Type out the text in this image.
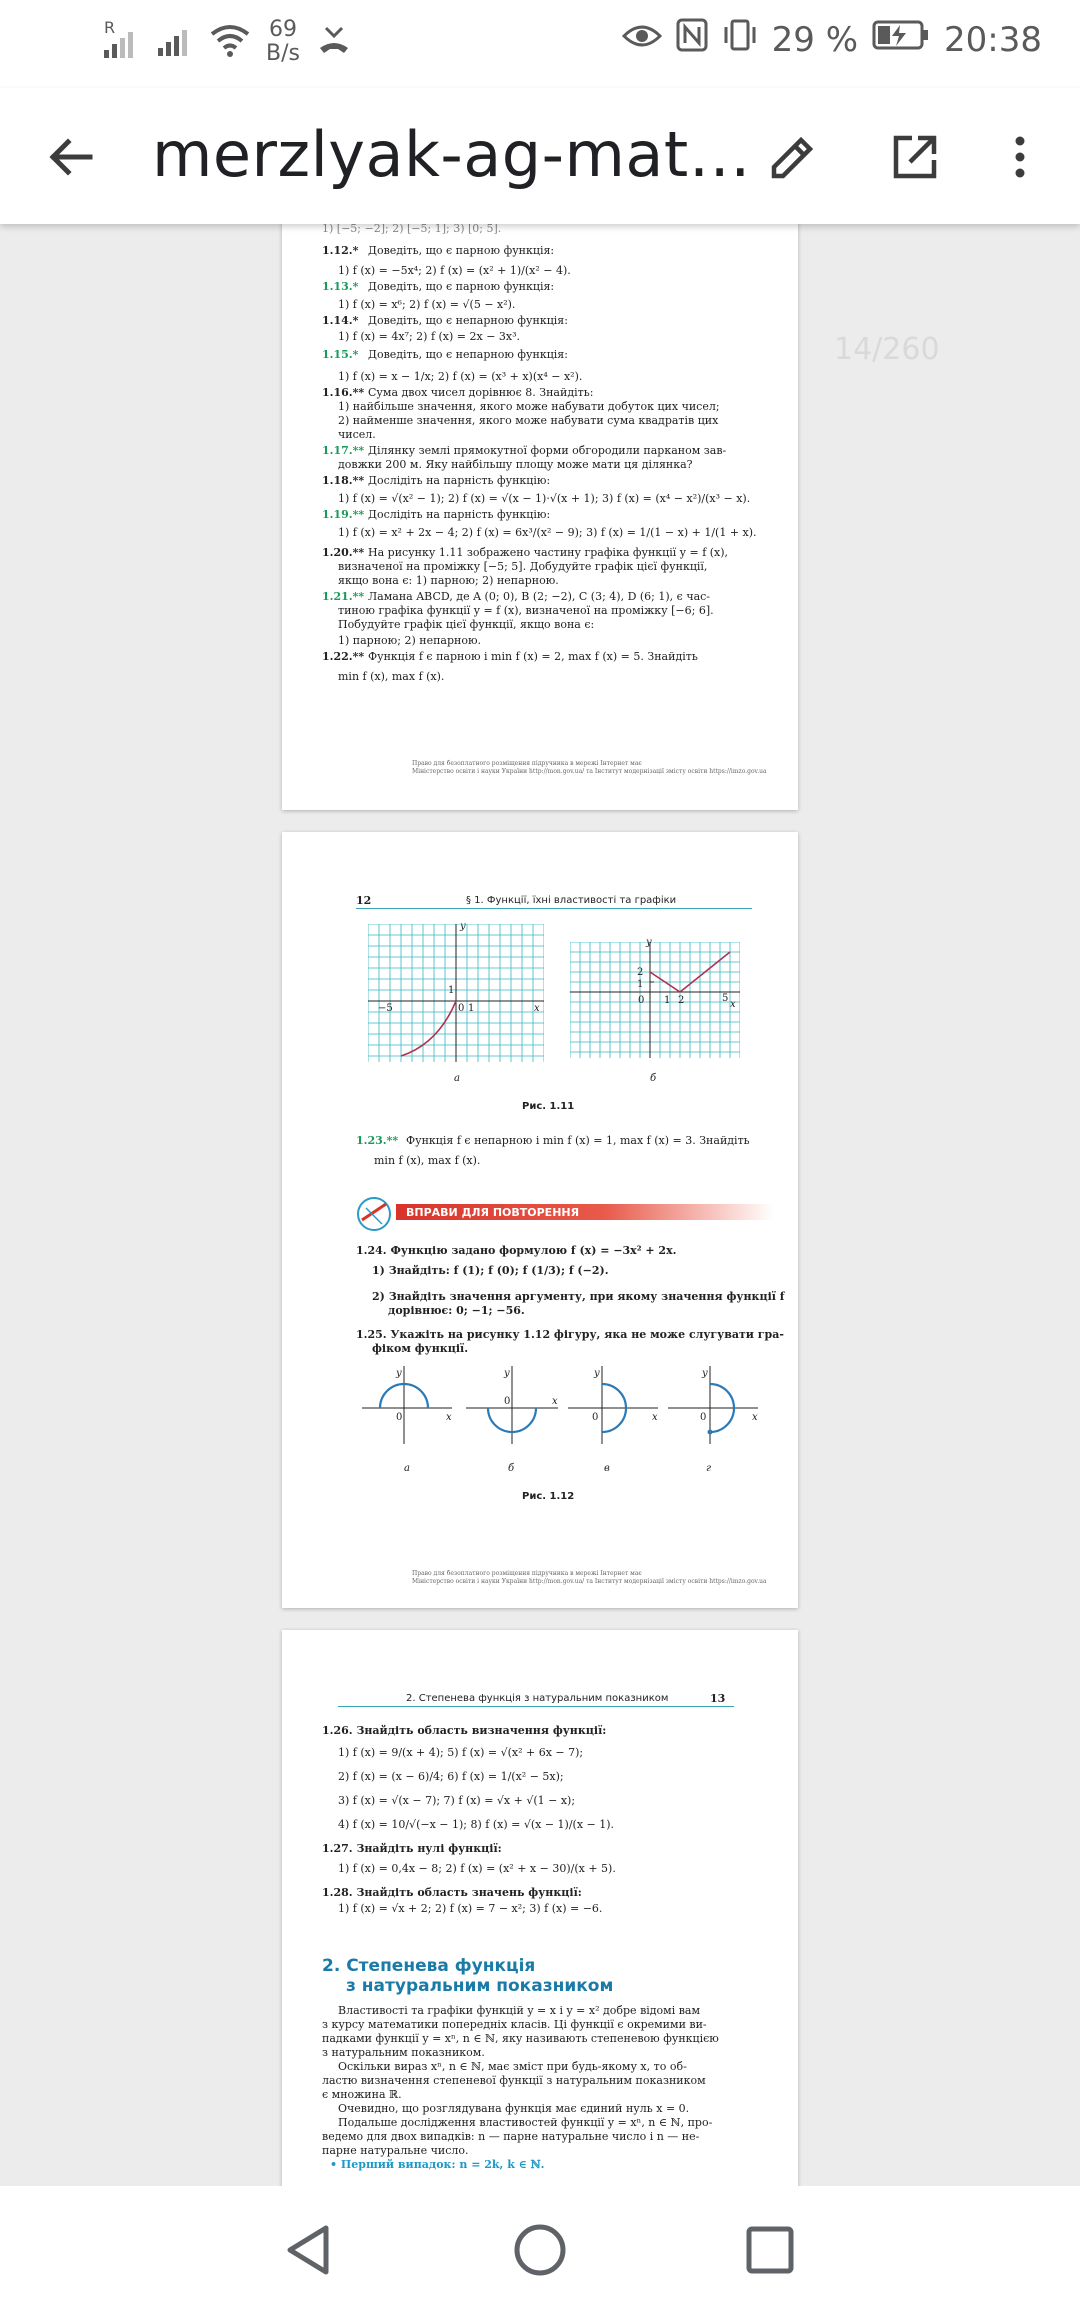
R	69
B/s	29 %	20:38
merzlyak-ag-mat…
14/260
1) [−5; −2]; 2) [−5; 1]; 3) [0; 5].
1.12.* Доведіть, що є парною функція:
1) f (x) = −5x⁴; 2) f (x) = (x² + 1)/(x² − 4).
1.13.* Доведіть, що є парною функція:
1) f (x) = x⁶; 2) f (x) = √(5 − x²).
1.14.* Доведіть, що є непарною функція:
1) f (x) = 4x⁷; 2) f (x) = 2x − 3x³.
1.15.* Доведіть, що є непарною функція:
1) f (x) = x − 1/x; 2) f (x) = (x³ + x)(x⁴ − x²).
1.16.** Сума двох чисел дорівнює 8. Знайдіть:
1) найбільше значення, якого може набувати добуток цих чисел;
2) найменше значення, якого може набувати сума квадратів цих
чисел.
1.17.** Ділянку землі прямокутної форми обгородили парканом зав-
довжки 200 м. Яку найбільшу площу може мати ця ділянка?
1.18.** Дослідіть на парність функцію:
1) f (x) = √(x² − 1); 2) f (x) = √(x − 1)·√(x + 1); 3) f (x) = (x⁴ − x²)/(x³ − x).
1.19.** Дослідіть на парність функцію:
1) f (x) = x² + 2x − 4; 2) f (x) = 6x³/(x² − 9); 3) f (x) = 1/(1 − x) + 1/(1 + x).
1.20.** На рисунку 1.11 зображено частину графіка функції y = f (x),
визначеної на проміжку [−5; 5]. Добудуйте графік цієї функції,
якщо вона є: 1) парною; 2) непарною.
1.21.** Ламана ABCD, де A (0; 0), B (2; −2), C (3; 4), D (6; 1), є час-
тиною графіка функції y = f (x), визначеної на проміжку [−6; 6].
Побудуйте графік цієї функції, якщо вона є:
1) парною; 2) непарною.
1.22.** Функція f є парною і min f (x) = 2, max f (x) = 5. Знайдіть
min f (x), max f (x).
Право для безоплатного розміщення підручника в мережі Інтернет має
Міністерство освіти і науки України http://mon.gov.ua/ та Інститут модернізації змісту освіти https://imzo.gov.ua
12	§ 1. Функції, їхні властивості та графіки
y
x
1
0 1
−5
а
y
2
1
0 1 2	5
x
б
Рис. 1.11
1.23.** Функція f є непарною і min f (x) = 1, max f (x) = 3. Знайдіть
min f (x), max f (x).
ВПРАВИ ДЛЯ ПОВТОРЕННЯ
1.24. Функцію задано формулою f (x) = −3x² + 2x.
1) Знайдіть: f (1); f (0); f (1/3); f (−2).
2) Знайдіть значення аргументу, при якому значення функції f
дорівнює: 0; −1; −56.
1.25. Укажіть на рисунку 1.12 фігуру, яка не може слугувати гра-
фіком функції.
y
x
0
y
x
0
y
x
0
y
x
0
а	б	в	г
Рис. 1.12
Право для безоплатного розміщення підручника в мережі Інтернет має
Міністерство освіти і науки України http://mon.gov.ua/ та Інститут модернізації змісту освіти https://imzo.gov.ua
2. Степенева функція з натуральним показником	13
1.26. Знайдіть область визначення функції:
1) f (x) = 9/(x + 4); 5) f (x) = √(x² + 6x − 7);
2) f (x) = (x − 6)/4; 6) f (x) = 1/(x² − 5x);
3) f (x) = √(x − 7); 7) f (x) = √x + √(1 − x);
4) f (x) = 10/√(−x − 1); 8) f (x) = √(x − 1)/(x − 1).
1.27. Знайдіть нулі функції:
1) f (x) = 0,4x − 8; 2) f (x) = (x² + x − 30)/(x + 5).
1.28. Знайдіть область значень функції:
1) f (x) = √x + 2; 2) f (x) = 7 − x²; 3) f (x) = −6.
2. Степенева функція
з натуральним показником
Властивості та графіки функцій y = x і y = x² добре відомі вам
з курсу математики попередніх класів. Ці функції є окремими ви-
падками функції y = xⁿ, n ∈ ℕ, яку називають степеневою функцією
з натуральним показником.
Оскільки вираз xⁿ, n ∈ ℕ, має зміст при будь-якому x, то об-
ластю визначення степеневої функції з натуральним показником
є множина ℝ.
Очевидно, що розглядувана функція має єдиний нуль x = 0.
Подальше дослідження властивостей функції y = xⁿ, n ∈ ℕ, про-
ведемо для двох випадків: n — парне натуральне число і n — не-
парне натуральне число.
• Перший випадок: n = 2k, k ∈ ℕ.
